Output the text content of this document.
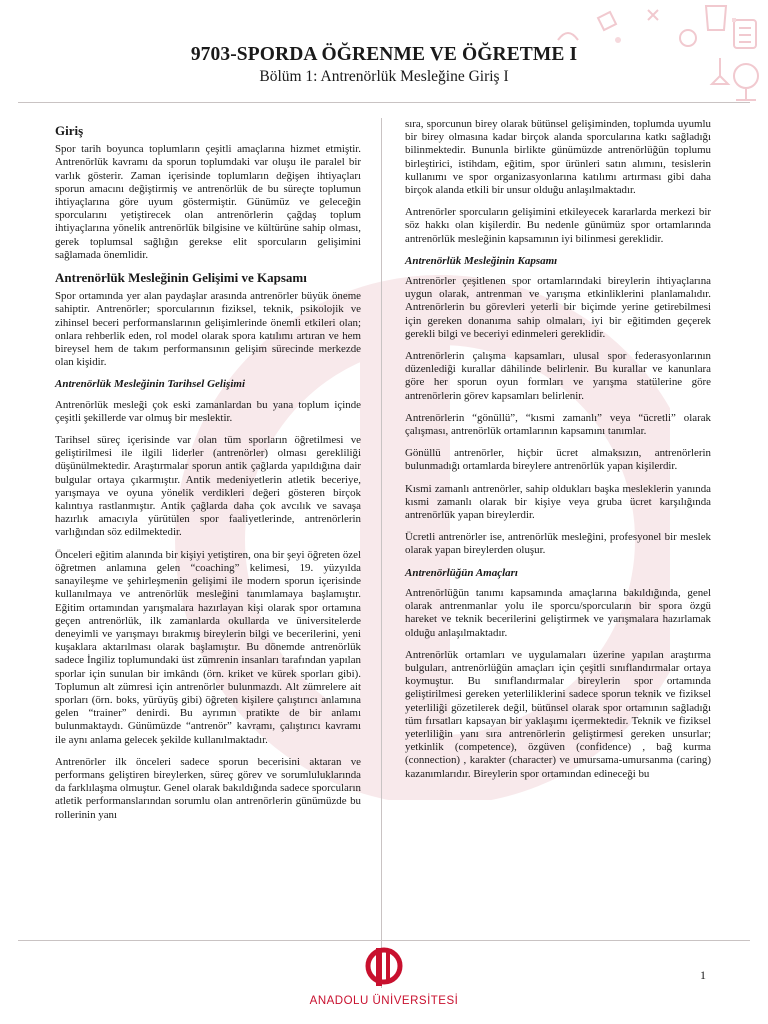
9703-SPORDA ÖĞRENME VE ÖĞRETME I
Bölüm 1: Antrenörlük Mesleğine Giriş I
Giriş

Spor tarih boyunca toplumların çeşitli amaçlarına hizmet etmiştir. Antrenörlük kavramı da sporun toplumdaki var oluşu ile paralel bir varlık gösterir. Zaman içerisinde toplumların değişen ihtiyaçları sporun amacını değiştirmiş ve antrenörlük de bu süreçte toplumun ihtiyaçlarına göre uyum göstermiştir. Günümüz ve geleceğin sporcularını yetiştirecek olan antrenörlerin çağdaş toplum ihtiyaçlarına yönelik antrenörlük bilgisine ve kültürüne sahip olması, gerek toplumsal sağlığın gerekse elit sporcuların gelişimini sağlamada önemlidir.

Antrenörlük Mesleğinin Gelişimi ve Kapsamı

Spor ortamında yer alan paydaşlar arasında antrenörler büyük öneme sahiptir. Antrenörler; sporcularının fiziksel, teknik, psikolojik ve zihinsel beceri performanslarının gelişimlerinde önemli etkileri olan; onlara rehberlik eden, rol model olarak spora katılımı artıran ve hem bireysel hem de takım performansının gelişim sürecinde merkezde olan kişidir.

Antrenörlük Mesleğinin Tarihsel Gelişimi

Antrenörlük mesleği çok eski zamanlardan bu yana toplum içinde çeşitli şekillerde var olmuş bir meslektir.

Tarihsel süreç içerisinde var olan tüm sporların öğretilmesi ve geliştirilmesi ile ilgili liderler (antrenörler) olması gerekliliği düşünülmektedir. Araştırmalar sporun antik çağlarda yapıldığına dair bulgular ortaya çıkarmıştır. Antik medeniyetlerin atletik beceriye, yarışmaya ve oyuna yönelik verdikleri değeri gösteren birçok kalıntıya rastlanmıştır. Antik çağlarda daha çok avcılık ve savaşa hazırlık amacıyla yürütülen spor faaliyetlerinde, antrenörlerin varlığından söz edilmektedir.

Önceleri eğitim alanında bir kişiyi yetiştiren, ona bir şeyi öğreten özel öğretmen anlamına gelen “coaching” kelimesi, 19. yüzyılda sanayileşme ve şehirleşmenin gelişimi ile modern sporun içerisinde kullanılmaya ve antrenörlük mesleğini tanımlamaya başlamıştır. Eğitim ortamından yarışmalara hazırlayan kişi olarak spor ortamına geçen antrenörlük, ilk zamanlarda okullarda ve üniversitelerde deneyimli ve yarışmayı bırakmış bireylerin bilgi ve becerilerini, yeni kuşaklara aktarılması olarak başlamıştır. Bu dönemde antrenörlük sadece İngiliz toplumundaki üst zümrenin insanları tarafından yapılan sporlar için sunulan bir imkândı (örn. kriket ve kürek sporları gibi). Toplumun alt zümresi için antrenörler bulunmazdı. Alt zümrelere ait sporları (örn. boks, yürüyüş gibi) öğreten kişilere çalıştırıcı anlamına gelen “trainer” denirdi. Bu ayrımın pratikte de bir anlamı bulunmaktaydı. Günümüzde “antrenör” kavramı, çalıştırıcı kavramı ile aynı anlama gelecek şekilde kullanılmaktadır.

Antrenörler ilk önceleri sadece sporun becerisini aktaran ve performans geliştiren bireylerken, süreç görev ve sorumluluklarında da farklılaşma olmuştur. Genel olarak bakıldığında sadece sporcuların atletik performanslarından sorumlu olan antrenörlerin günümüzde bu rollerinin yanı

sıra, sporcunun birey olarak bütünsel gelişiminden, toplumda uyumlu bir birey olmasına kadar birçok alanda sporcularına katkı sağladığı bilinmektedir. Bununla birlikte günümüzde antrenörlüğün toplumu birleştirici, istihdam, eğitim, spor ürünleri satın alımını, tesislerin kullanımı ve spor organizasyonlarına katılımı artırması gibi daha birçok alanda etkili bir unsur olduğu anlaşılmaktadır.

Antrenörler sporcuların gelişimini etkileyecek kararlarda merkezi bir söz hakkı olan kişilerdir. Bu nedenle günümüz spor ortamlarında antrenörlük mesleğinin kapsamının iyi bilinmesi gereklidir.

Antrenörlük Mesleğinin Kapsamı

Antrenörler çeşitlenen spor ortamlarındaki bireylerin ihtiyaçlarına uygun olarak, antrenman ve yarışma etkinliklerini planlamalıdır. Antrenörlerin bu görevleri yeterli bir biçimde yerine getirebilmesi için gereken donanıma sahip olmaları, iyi bir eğitimden geçerek gerekli bilgi ve beceriyi edinmeleri gereklidir.

Antrenörlerin çalışma kapsamları, ulusal spor federasyonlarının düzenlediği kurallar dâhilinde belirlenir. Bu kurallar ve kanunlara göre her sporun oyun formları ve yarışma statülerine göre antrenörlerin görev kapsamları belirlenir.

Antrenörlerin “gönüllü”, “kısmi zamanlı” veya “ücretli” olarak çalışması, antrenörlük ortamlarının kapsamını tanımlar.

Gönüllü antrenörler, hiçbir ücret almaksızın, antrenörlerin bulunmadığı ortamlarda bireylere antrenörlük yapan kişilerdir.

Kısmi zamanlı antrenörler, sahip oldukları başka mesleklerin yanında kısmi zamanlı olarak bir kişiye veya gruba ücret karşılığında antrenörlük yapan bireylerdir.

Ücretli antrenörler ise, antrenörlük mesleğini, profesyonel bir meslek olarak yapan bireylerden oluşur.

Antrenörlüğün Amaçları

Antrenörlüğün tanımı kapsamında amaçlarına bakıldığında, genel olarak antrenmanlar yolu ile sporcu/sporcuların bir spora özgü hareket ve teknik becerilerini geliştirmek ve yarışmalara hazırlamak olduğu anlaşılmaktadır.

Antrenörlük ortamları ve uygulamaları üzerine yapılan araştırma bulguları, antrenörlüğün amaçları için çeşitli sınıflandırmalar ortaya koymuştur. Bu sınıflandırmalar bireylerin spor ortamında geliştirilmesi gereken yeterliliklerini sadece sporun teknik ve fiziksel yeterliliği gözetilerek değil, bütünsel olarak spor ortamının sağladığı tüm fırsatları kapsayan bir yaklaşımı içermektedir. Teknik ve fiziksel yeterliliğin yanı sıra antrenörlerin geliştirmesi gereken unsurlar; yetkinlik (competence), özgüven (confidence) , bağ kurma (connection) , karakter (character) ve umursama-umursanma (caring) kazanımlarıdır. Bireylerin spor ortamından edineceği bu

1
ANADOLU ÜNİVERSİTESİ
